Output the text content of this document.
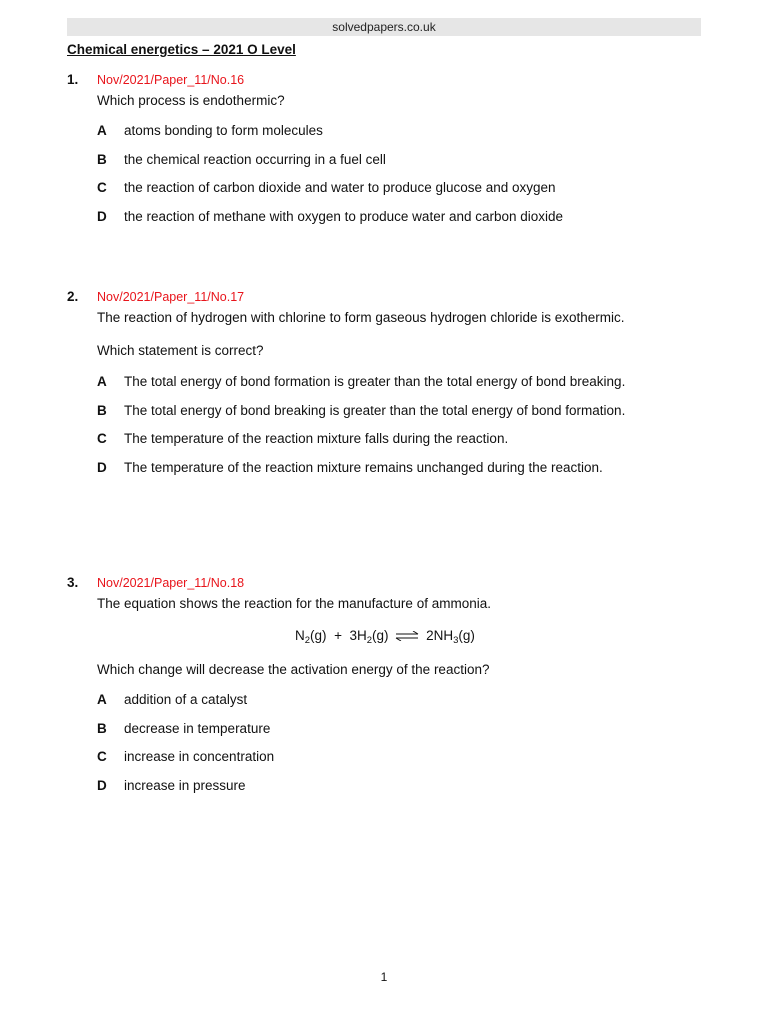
solvedpapers.co.uk
Chemical energetics – 2021 O Level
1. Nov/2021/Paper_11/No.16
Which process is endothermic?
A atoms bonding to form molecules
B the chemical reaction occurring in a fuel cell
C the reaction of carbon dioxide and water to produce glucose and oxygen
D the reaction of methane with oxygen to produce water and carbon dioxide
2. Nov/2021/Paper_11/No.17
The reaction of hydrogen with chlorine to form gaseous hydrogen chloride is exothermic.
Which statement is correct?
A The total energy of bond formation is greater than the total energy of bond breaking.
B The total energy of bond breaking is greater than the total energy of bond formation.
C The temperature of the reaction mixture falls during the reaction.
D The temperature of the reaction mixture remains unchanged during the reaction.
3. Nov/2021/Paper_11/No.18
The equation shows the reaction for the manufacture of ammonia.
$N_2(g) + 3H_2(g)$ ⇌ $2NH_3(g)$
Which change will decrease the activation energy of the reaction?
A addition of a catalyst
B decrease in temperature
C increase in concentration
D increase in pressure
1
